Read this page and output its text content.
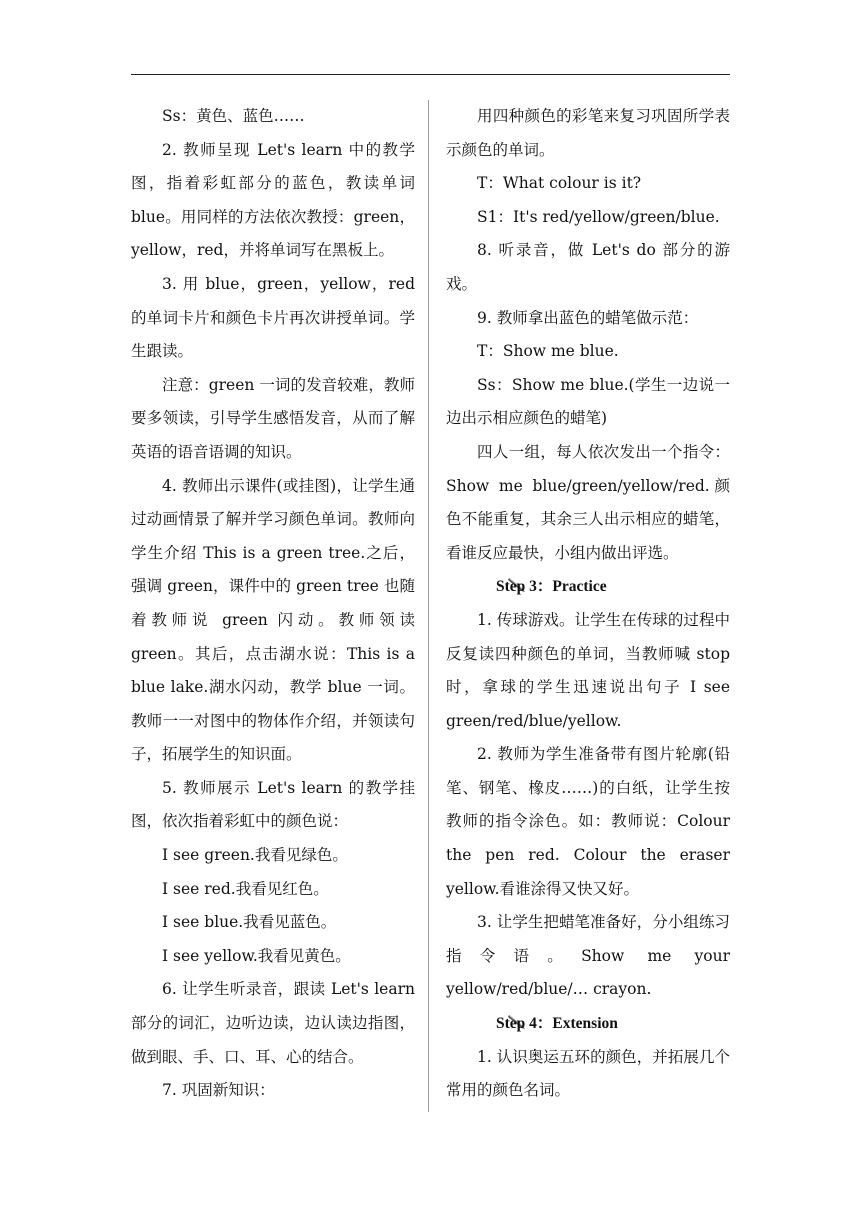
Ss：黄色、蓝色……

2. 教师呈现 Let's learn 中的教学图，指着彩虹部分的蓝色，教读单词 blue。用同样的方法依次教授：green，yellow，red，并将单词写在黑板上。

3. 用 blue，green，yellow，red 的单词卡片和颜色卡片再次讲授单词。学生跟读。

注意：green 一词的发音较难，教师要多领读，引导学生感悟发音，从而了解英语的语音语调的知识。

4. 教师出示课件(或挂图)，让学生通过动画情景了解并学习颜色单词。教师向学生介绍 This is a green tree.之后，强调 green，课件中的 green tree 也随着教师说 green 闪动。教师领读 green。其后，点击湖水说：This is a blue lake.湖水闪动，教学 blue 一词。教师一一对图中的物体作介绍，并领读句子，拓展学生的知识面。

5. 教师展示 Let's learn 的教学挂图，依次指着彩虹中的颜色说：

I see green.我看见绿色。

I see red.我看见红色。

I see blue.我看见蓝色。

I see yellow.我看见黄色。

6. 让学生听录音，跟读 Let's learn 部分的词汇，边听边读，边认读边指图，做到眼、手、口、耳、心的结合。

7. 巩固新知识：

用四种颜色的彩笔来复习巩固所学表示颜色的单词。

T：What colour is it?

S1：It's red/yellow/green/blue.

8. 听录音，做 Let's do 部分的游戏。

9. 教师拿出蓝色的蜡笔做示范：

T：Show me blue.

Ss：Show me blue.(学生一边说一边出示相应颜色的蜡笔)

四人一组，每人依次发出一个指令：Show me blue/green/yellow/red.颜色不能重复，其余三人出示相应的蜡笔，看谁反应最快，小组内做出评选。

Step 3：Practice

1. 传球游戏。让学生在传球的过程中反复读四种颜色的单词，当教师喊 stop 时，拿球的学生迅速说出句子 I see green/red/blue/yellow.

2. 教师为学生准备带有图片轮廓(铅笔、钢笔、橡皮……)的白纸，让学生按教师的指令涂色。如：教师说：Colour the pen red. Colour the eraser yellow.看谁涂得又快又好。

3. 让学生把蜡笔准备好，分小组练习指令语。Show me your yellow/red/blue/… crayon.

Step 4：Extension

1. 认识奥运五环的颜色，并拓展几个常用的颜色名词。
